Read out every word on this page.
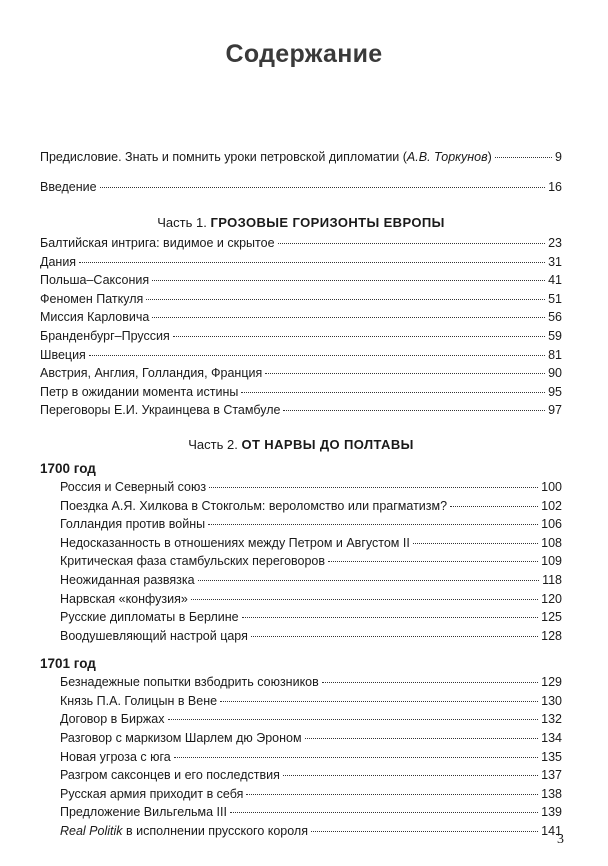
Содержание
Предисловие. Знать и помнить уроки петровской дипломатии (А.В. Торкунов)	9
Введение	16
Часть 1. ГРОЗОВЫЕ ГОРИЗОНТЫ ЕВРОПЫ
Балтийская интрига: видимое и скрытое	23
Дания	31
Польша–Саксония	41
Феномен Паткуля	51
Миссия Карловича	56
Бранденбург–Пруссия	59
Швеция	81
Австрия, Англия, Голландия, Франция	90
Петр в ожидании момента истины	95
Переговоры Е.И. Украинцева в Стамбуле	97
Часть 2. ОТ НАРВЫ ДО ПОЛТАВЫ
1700 год
Россия и Северный союз	100
Поездка А.Я. Хилкова в Стокгольм: вероломство или прагматизм?	102
Голландия против войны	106
Недосказанность в отношениях между Петром и Августом II	108
Критическая фаза стамбульских переговоров	109
Неожиданная развязка	118
Нарвская «конфузия»	120
Русские дипломаты в Берлине	125
Воодушевляющий настрой царя	128
1701 год
Безнадежные попытки взбодрить союзников	129
Князь П.А. Голицын в Вене	130
Договор в Биржах	132
Разговор с маркизом Шарлем дю Эроном	134
Новая угроза с юга	135
Разгром саксонцев и его последствия	137
Русская армия приходит в себя	138
Предложение Вильгельма III	139
Real Politik в исполнении прусского короля	141
3
